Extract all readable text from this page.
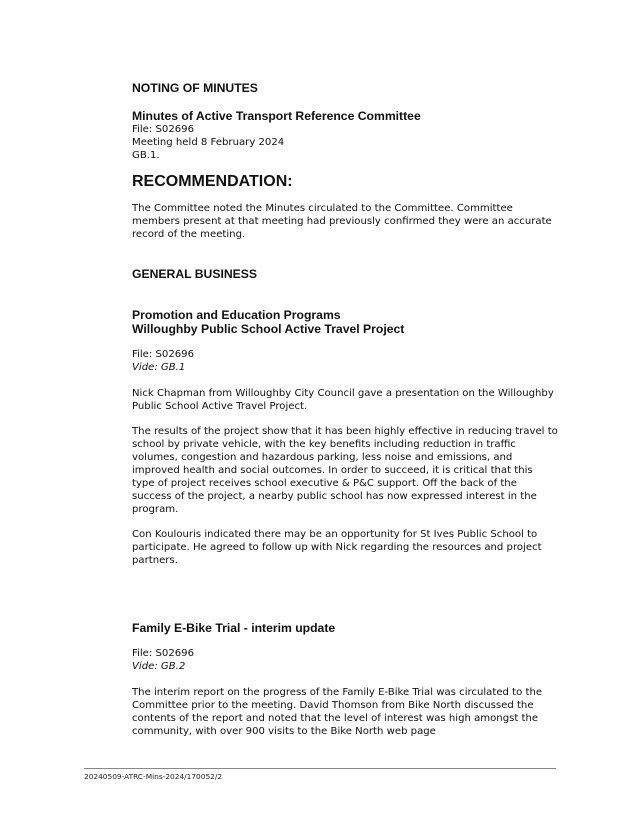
NOTING OF MINUTES
Minutes of Active Transport Reference Committee

File: S02696

Meeting held 8 February 2024

GB.1.

RECOMMENDATION:
The Committee noted the Minutes circulated to the Committee. Committee
members present at that meeting had previously confirmed they were an accurate
record of the meeting.
GENERAL BUSINESS
Promotion and Education Programs
Willoughby Public School Active Travel Project

File: S02696

Vide: GB.1

Nick Chapman from Willoughby City Council gave a presentation on the Willoughby
Public School Active Travel Project.
The results of the project show that it has been highly effective in reducing travel to
school by private vehicle, with the key benefits including reduction in traffic
volumes, congestion and hazardous parking, less noise and emissions, and
improved health and social outcomes. In order to succeed, it is critical that this
type of project receives school executive & P&C support. Off the back of the
success of the project, a nearby public school has now expressed interest in the
program.
Con Koulouris indicated there may be an opportunity for St Ives Public School to
participate. He agreed to follow up with Nick regarding the resources and project
partners.
Family E-Bike Trial - interim update

File: S02696

Vide: GB.2

The interim report on the progress of the Family E-Bike Trial was circulated to the
Committee prior to the meeting. David Thomson from Bike North discussed the
contents of the report and noted that the level of interest was high amongst the
community, with over 900 visits to the Bike North web page
20240509-ATRC-Mins-2024/170052/2
